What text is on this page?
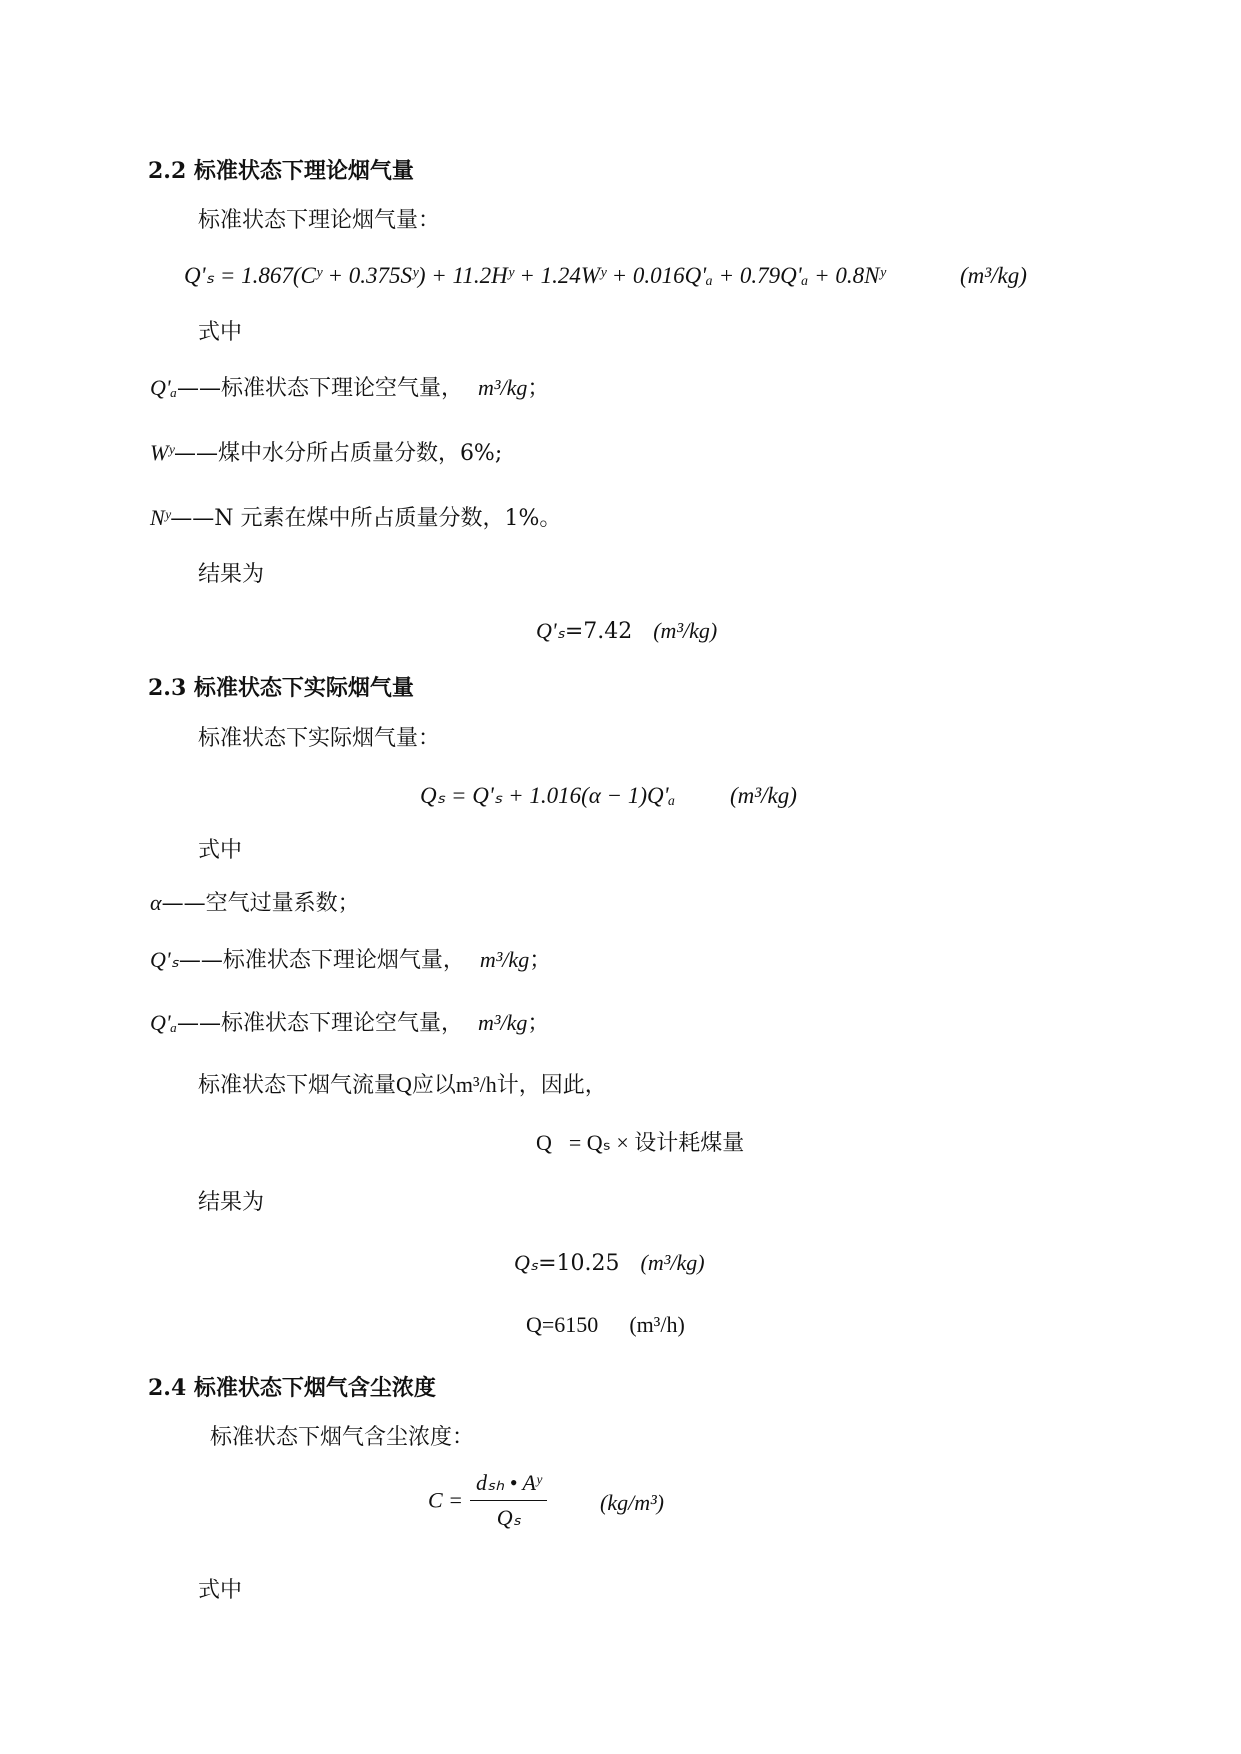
2.2 标准状态下理论烟气量
标准状态下理论烟气量：
Q'ₛ = 1.867(Cʸ + 0.375Sʸ) + 11.2Hʸ + 1.24Wʸ + 0.016Q'ₐ + 0.79Q'ₐ + 0.8Nʸ	(m³/kg)
式中
Q'ₐ——标准状态下理论空气量， m³/kg；
Wʸ——煤中水分所占质量分数，6%;
Nʸ——N 元素在煤中所占质量分数，1%。
结果为
Q'ₛ=7.42 (m³/kg)
2.3 标准状态下实际烟气量
标准状态下实际烟气量：
Qₛ = Q'ₛ + 1.016(α − 1)Q'ₐ (m³/kg)
式中
α——空气过量系数；
Q'ₛ——标准状态下理论烟气量， m³/kg；
Q'ₐ——标准状态下理论空气量， m³/kg；
标准状态下烟气流量Q应以m³/h计，因此，
Q = Qₛ × 设计耗煤量
结果为
Qₛ=10.25 (m³/kg)
Q=6150 (m³/h)
2.4 标准状态下烟气含尘浓度
标准状态下烟气含尘浓度：
$C = \frac{\text{dₛₕ • Aʸ}}{\text{Qₛ}} (kg/m^3)$
式中
